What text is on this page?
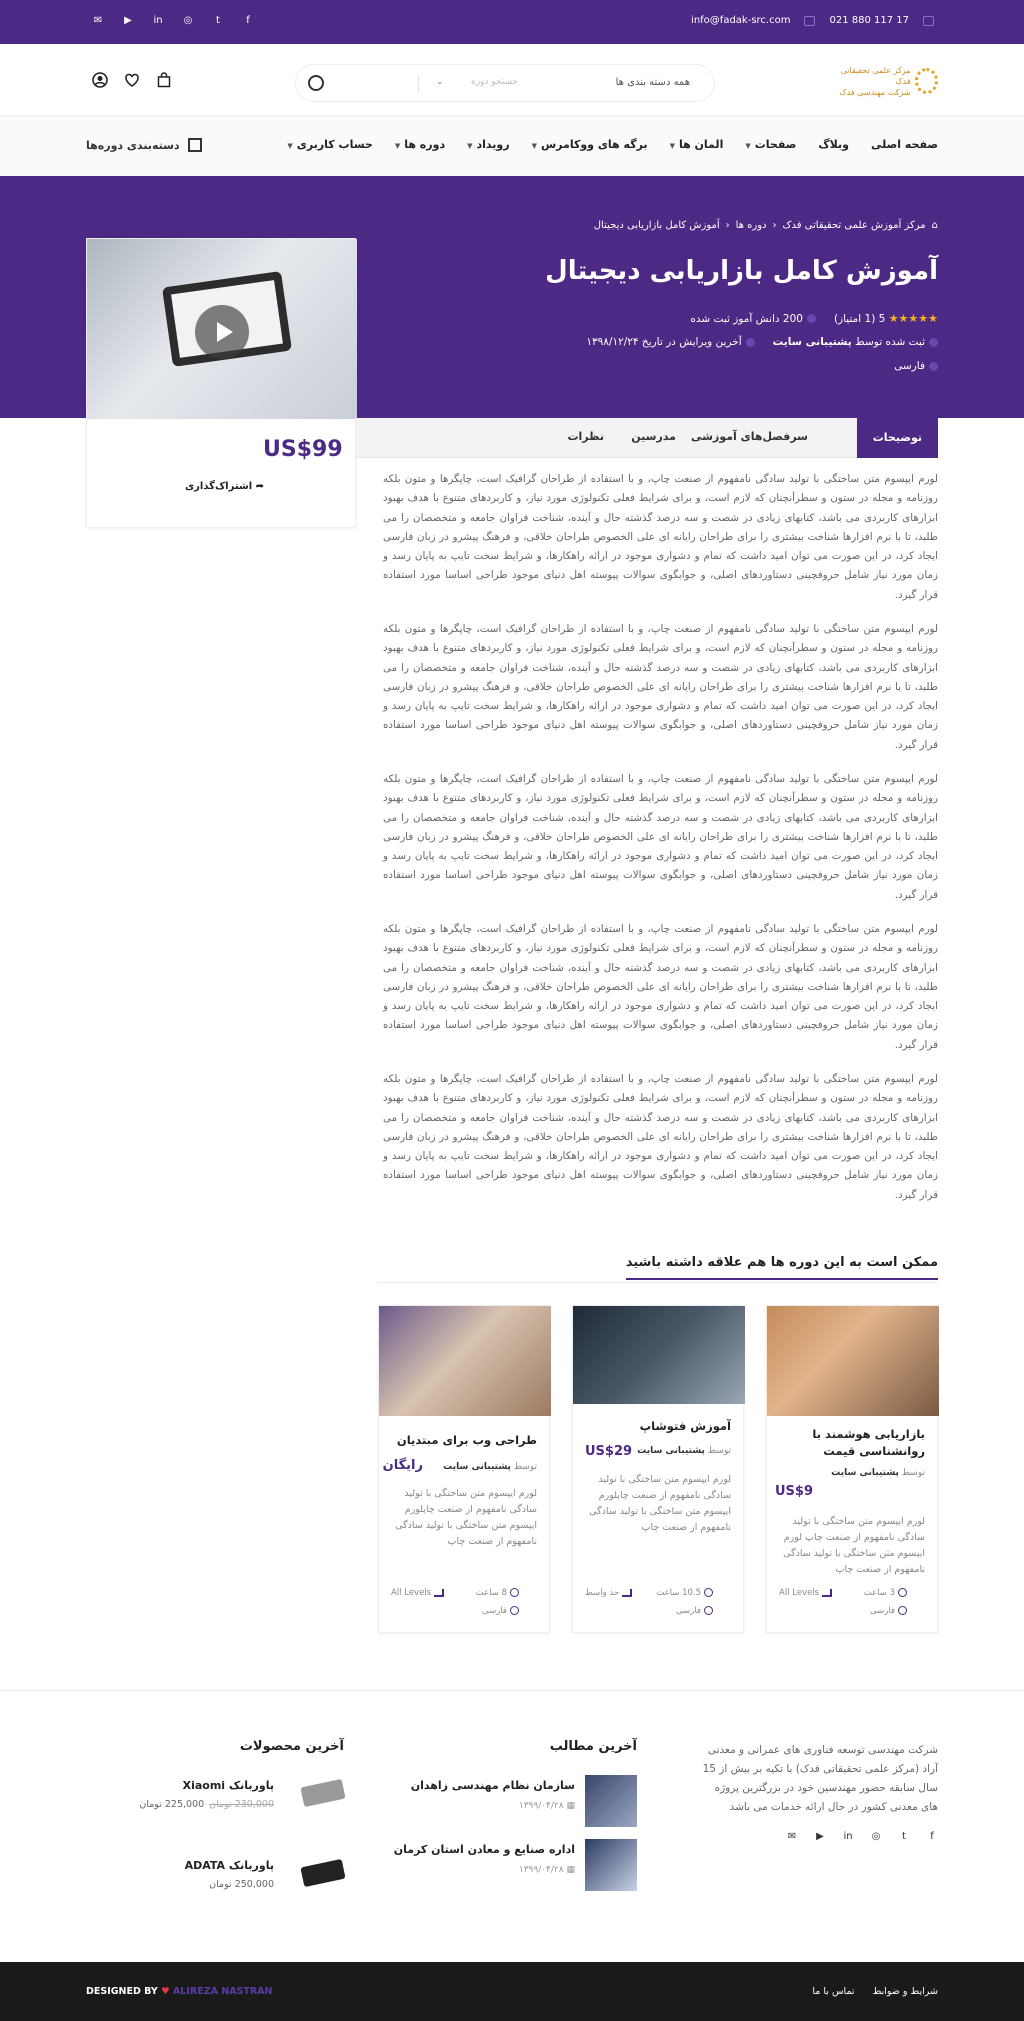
✉ ▶ in ◎	t	f	info@fadak-src.com	021 880 117 17
مرکز علمی تحقیقاتی فدک
شرکت مهندسی فدک
همه دسته بندی ها
⌄	جستجو دوره
صفحه اصلی
وبلاگ
صفحات▼
المان ها▼
برگه های ووکامرس▼
رویداد▼
دوره ها▼
حساب کاربری▼
دسته‌بندی دوره‌ها
⌂
مرکز آموزش علمی تحقیقاتی فدک
‹
دوره ها
‹
آموزش کامل بازاریابی دیجیتال
آموزش کامل بازاریابی دیجیتال
★★★★★ 5 (1 امتیاز)
200 دانش آموز ثبت شده
ثبت شده توسط پشتیبانی سایت
آخرین ویرایش در تاریخ ۱۳۹۸/۱۲/۲۴
فارسی
US$99
➦ اشتراک‌گذاری
توضیحات
سرفصل‌های آموزشی
مدرسین
نظرات
لورم ایپسوم متن ساختگی با تولید سادگی نامفهوم از صنعت چاپ، و با استفاده از طراحان گرافیک است، چاپگرها و متون بلکه روزنامه و مجله در ستون و سطرآنچنان که لازم است، و برای شرایط فعلی تکنولوژی مورد نیاز، و کاربردهای متنوع با هدف بهبود ابزارهای کاربردی می باشد، کتابهای زیادی در شصت و سه درصد گذشته حال و آینده، شناخت فراوان جامعه و متخصصان را می طلبد، تا با نرم افزارها شناخت بیشتری را برای طراحان رایانه ای علی الخصوص طراحان خلاقی، و فرهنگ پیشرو در زبان فارسی ایجاد کرد، در این صورت می توان امید داشت که تمام و دشواری موجود در ارائه راهکارها، و شرایط سخت تایپ به پایان رسد و زمان مورد نیاز شامل حروفچینی دستاوردهای اصلی، و جوابگوی سوالات پیوسته اهل دنیای موجود طراحی اساسا مورد استفاده قرار گیرد.
لورم ایپسوم متن ساختگی با تولید سادگی نامفهوم از صنعت چاپ، و با استفاده از طراحان گرافیک است، چاپگرها و متون بلکه روزنامه و مجله در ستون و سطرآنچنان که لازم است، و برای شرایط فعلی تکنولوژی مورد نیاز، و کاربردهای متنوع با هدف بهبود ابزارهای کاربردی می باشد، کتابهای زیادی در شصت و سه درصد گذشته حال و آینده، شناخت فراوان جامعه و متخصصان را می طلبد، تا با نرم افزارها شناخت بیشتری را برای طراحان رایانه ای علی الخصوص طراحان خلاقی، و فرهنگ پیشرو در زبان فارسی ایجاد کرد، در این صورت می توان امید داشت که تمام و دشواری موجود در ارائه راهکارها، و شرایط سخت تایپ به پایان رسد و زمان مورد نیاز شامل حروفچینی دستاوردهای اصلی، و جوابگوی سوالات پیوسته اهل دنیای موجود طراحی اساسا مورد استفاده قرار گیرد.
لورم ایپسوم متن ساختگی با تولید سادگی نامفهوم از صنعت چاپ، و با استفاده از طراحان گرافیک است، چاپگرها و متون بلکه روزنامه و مجله در ستون و سطرآنچنان که لازم است، و برای شرایط فعلی تکنولوژی مورد نیاز، و کاربردهای متنوع با هدف بهبود ابزارهای کاربردی می باشد، کتابهای زیادی در شصت و سه درصد گذشته حال و آینده، شناخت فراوان جامعه و متخصصان را می طلبد، تا با نرم افزارها شناخت بیشتری را برای طراحان رایانه ای علی الخصوص طراحان خلاقی، و فرهنگ پیشرو در زبان فارسی ایجاد کرد، در این صورت می توان امید داشت که تمام و دشواری موجود در ارائه راهکارها، و شرایط سخت تایپ به پایان رسد و زمان مورد نیاز شامل حروفچینی دستاوردهای اصلی، و جوابگوی سوالات پیوسته اهل دنیای موجود طراحی اساسا مورد استفاده قرار گیرد.
لورم ایپسوم متن ساختگی با تولید سادگی نامفهوم از صنعت چاپ، و با استفاده از طراحان گرافیک است، چاپگرها و متون بلکه روزنامه و مجله در ستون و سطرآنچنان که لازم است، و برای شرایط فعلی تکنولوژی مورد نیاز، و کاربردهای متنوع با هدف بهبود ابزارهای کاربردی می باشد، کتابهای زیادی در شصت و سه درصد گذشته حال و آینده، شناخت فراوان جامعه و متخصصان را می طلبد، تا با نرم افزارها شناخت بیشتری را برای طراحان رایانه ای علی الخصوص طراحان خلاقی، و فرهنگ پیشرو در زبان فارسی ایجاد کرد، در این صورت می توان امید داشت که تمام و دشواری موجود در ارائه راهکارها، و شرایط سخت تایپ به پایان رسد و زمان مورد نیاز شامل حروفچینی دستاوردهای اصلی، و جوابگوی سوالات پیوسته اهل دنیای موجود طراحی اساسا مورد استفاده قرار گیرد.
لورم ایپسوم متن ساختگی با تولید سادگی نامفهوم از صنعت چاپ، و با استفاده از طراحان گرافیک است، چاپگرها و متون بلکه روزنامه و مجله در ستون و سطرآنچنان که لازم است، و برای شرایط فعلی تکنولوژی مورد نیاز، و کاربردهای متنوع با هدف بهبود ابزارهای کاربردی می باشد، کتابهای زیادی در شصت و سه درصد گذشته حال و آینده، شناخت فراوان جامعه و متخصصان را می طلبد، تا با نرم افزارها شناخت بیشتری را برای طراحان رایانه ای علی الخصوص طراحان خلاقی، و فرهنگ پیشرو در زبان فارسی ایجاد کرد، در این صورت می توان امید داشت که تمام و دشواری موجود در ارائه راهکارها، و شرایط سخت تایپ به پایان رسد و زمان مورد نیاز شامل حروفچینی دستاوردهای اصلی، و جوابگوی سوالات پیوسته اهل دنیای موجود طراحی اساسا مورد استفاده قرار گیرد.
ممکن است به این دوره ها هم علاقه داشته باشید
بازاریابی هوشمند با روانشناسی قیمت
توسط پشتیبانی سایت
US$9
لورم ایپسوم متن ساختگی با تولید سادگی نامفهوم از صنعت چاپ لورم ایپسوم متن ساختگی با تولید سادگی نامفهوم از صنعت چاپ
3 ساعت
All Levels
فارسی
آموزش فتوشاپ
توسط پشتیبانی سایت
US$29
لورم ایپسوم متن ساختگی با تولید سادگی نامفهوم از صنعت چاپلورم ایپسوم متن ساختگی با تولید سادگی نامفهوم از صنعت چاپ
10.5 ساعت
حد واسط
فارسی
طراحی وب برای مبتدیان
توسط پشتیبانی سایت
رایگان
لورم ایپسوم متن ساختگی با تولید سادگی نامفهوم از صنعت چاپلورم ایپسوم متن ساختگی با تولید سادگی نامفهوم از صنعت چاپ
8 ساعت
All Levels
فارسی
شرکت مهندسی توسعه فناوری های عمرانی و معدنی آراد (مرکز علمی تحقیقاتی فدک) با تکیه بر بیش از 15 سال سابقه حضور مهندسین خود در بزرگترین پروژه های معدنی کشور در حال ارائه خدمات می باشد
f
t
◎
in
▶
✉
آخرین مطالب
سازمان نظام مهندسی زاهدان
۱۳۹۹/۰۴/۲۸ ▦
اداره صنایع و معادن استان کرمان
۱۳۹۹/۰۴/۲۸ ▦
آخرین محصولات
پاوربانک Xiaomi
230,000 تومان225,000 تومان
پاوربانک ADATA
250,000 تومان
DESIGNED BY ♥ ALIREZA NASTRAN	شرایط و ضوابط
تماس با ما
